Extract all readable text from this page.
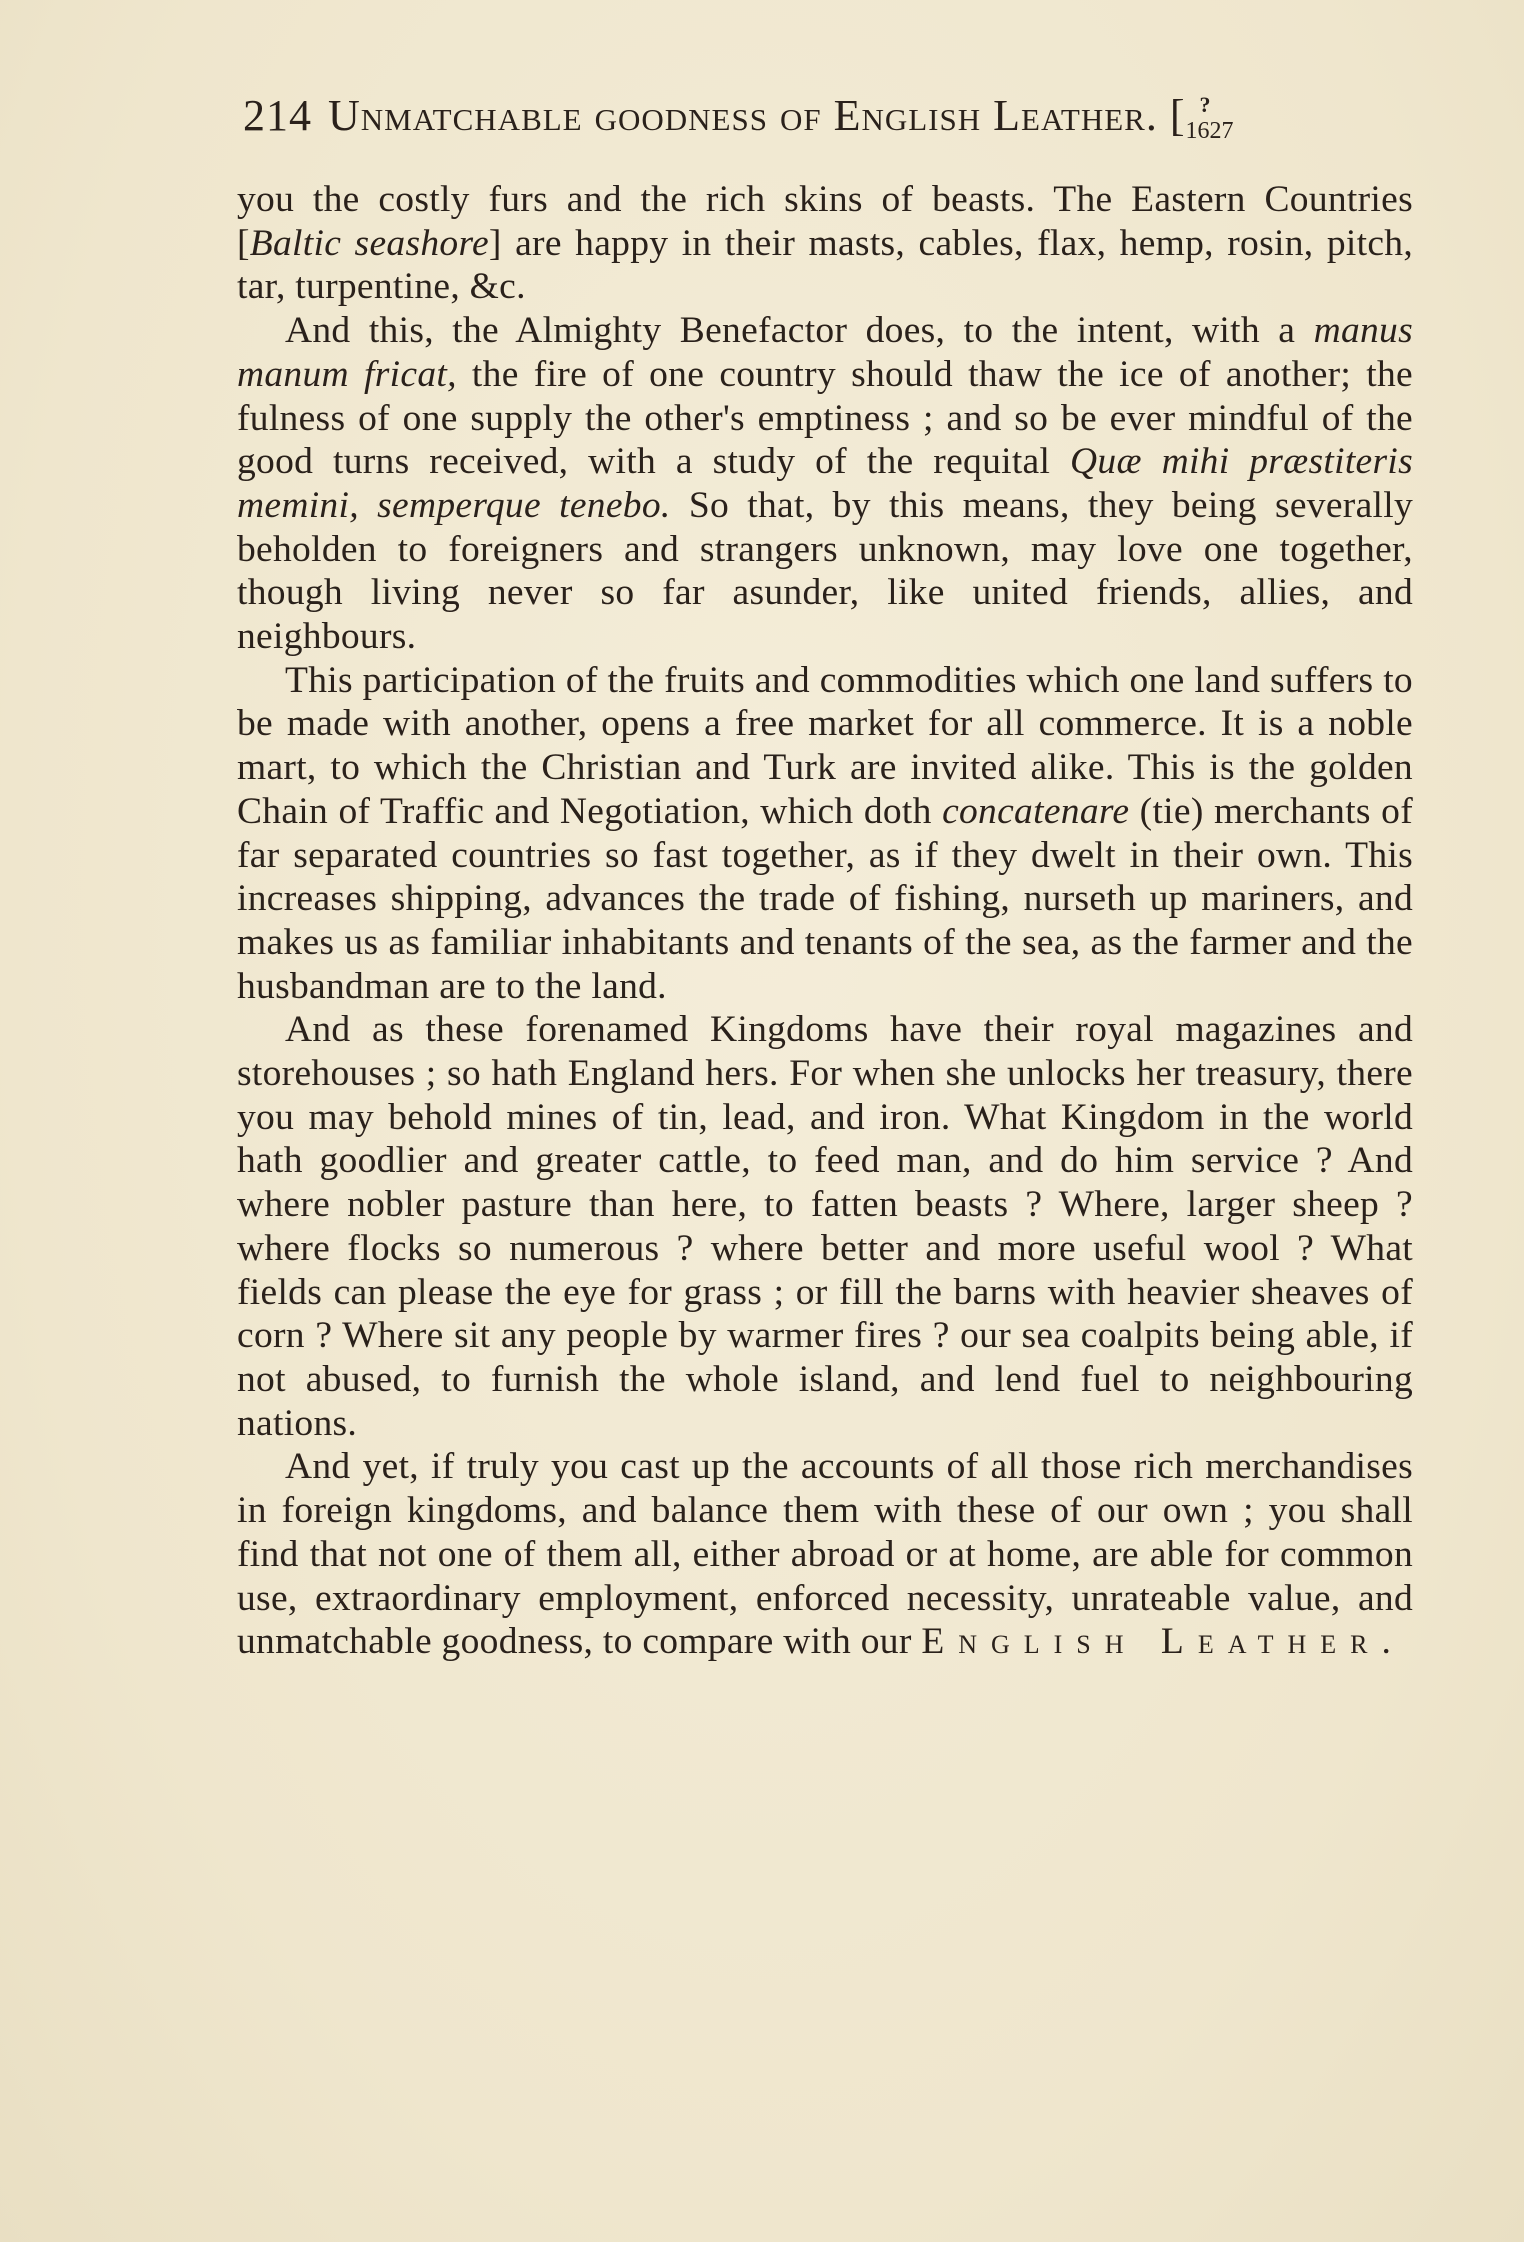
214 Unmatchable goodness of English Leather. [1627?

you the costly furs and the rich skins of beasts. The Eastern Countries [Baltic seashore] are happy in their masts, cables, flax, hemp, rosin, pitch, tar, turpentine, &c.

And this, the Almighty Benefactor does, to the intent, with a manus manum fricat, the fire of one country should thaw the ice of another; the fulness of one supply the other's emptiness ; and so be ever mindful of the good turns received, with a study of the requital Quæ mihi præstiteris memini, semperque tenebo. So that, by this means, they being severally beholden to foreigners and strangers unknown, may love one together, though living never so far asunder, like united friends, allies, and neighbours.

This participation of the fruits and commodities which one land suffers to be made with another, opens a free market for all commerce. It is a noble mart, to which the Christian and Turk are invited alike. This is the golden Chain of Traffic and Negotiation, which doth concatenare (tie) merchants of far separated countries so fast together, as if they dwelt in their own. This increases shipping, advances the trade of fishing, nurseth up mariners, and makes us as familiar inhabitants and tenants of the sea, as the farmer and the husbandman are to the land.

And as these forenamed Kingdoms have their royal magazines and storehouses ; so hath England hers. For when she unlocks her treasury, there you may behold mines of tin, lead, and iron. What Kingdom in the world hath goodlier and greater cattle, to feed man, and do him service ? And where nobler pasture than here, to fatten beasts ? Where, larger sheep ? where flocks so numerous ? where better and more useful wool ? What fields can please the eye for grass ; or fill the barns with heavier sheaves of corn ? Where sit any people by warmer fires ? our sea coalpits being able, if not abused, to furnish the whole island, and lend fuel to neighbouring nations.

And yet, if truly you cast up the accounts of all those rich merchandises in foreign kingdoms, and balance them with these of our own ; you shall find that not one of them all, either abroad or at home, are able for common use, extraordinary employment, enforced necessity, unrateable value, and unmatchable goodness, to compare with our English Leather.
